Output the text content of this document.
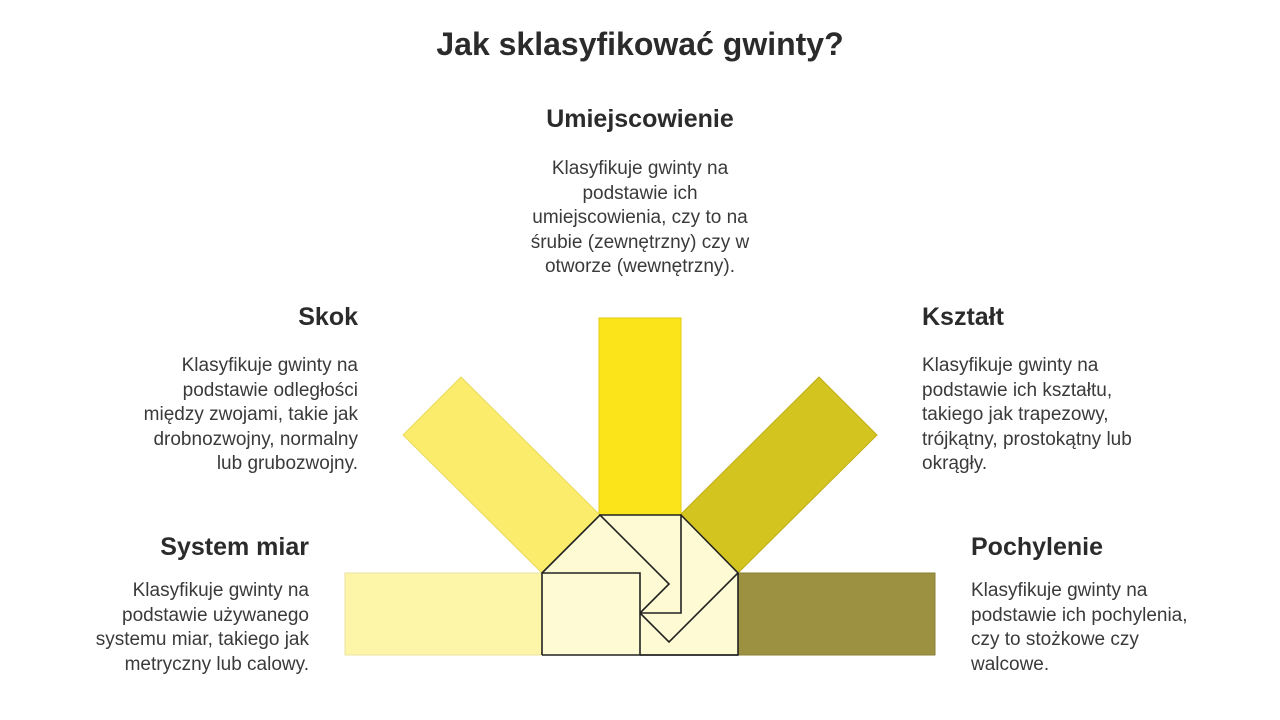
Jak sklasyfikować gwinty?
Umiejscowienie

Klasyfikuje gwinty na
podstawie ich
umiejscowienia, czy to na
śrubie (zewnętrzny) czy w
otworze (wewnętrzny).

Skok

Klasyfikuje gwinty na
podstawie odległości
między zwojami, takie jak
drobnozwojny, normalny
lub grubozwojny.

Kształt

Klasyfikuje gwinty na
podstawie ich kształtu,
takiego jak trapezowy,
trójkątny, prostokątny lub
okrągły.

System miar

Klasyfikuje gwinty na
podstawie używanego
systemu miar, takiego jak
metryczny lub calowy.

Pochylenie

Klasyfikuje gwinty na
podstawie ich pochylenia,
czy to stożkowe czy
walcowe.
